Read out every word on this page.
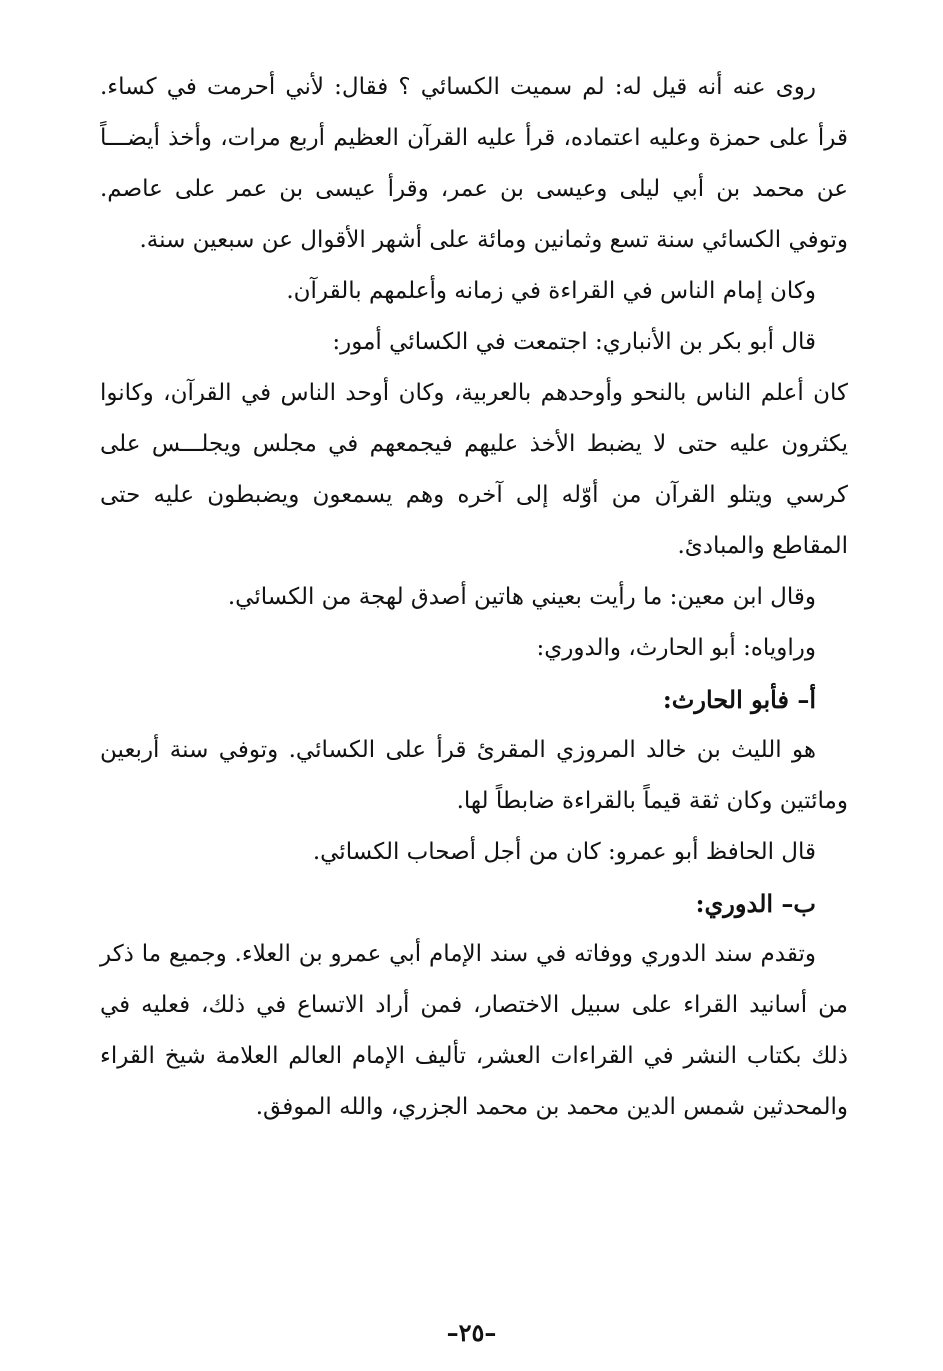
روى عنه أنه قيل له: لم سميت الكسائي ؟ فقال: لأني أحرمت في كساء. قرأ على حمزة وعليه اعتماده، قرأ عليه القرآن العظيم أربع مرات، وأخذ أيضـــاً عن محمد بن أبي ليلى وعيسى بن عمر، وقرأ عيسى بن عمر على عاصم. وتوفي الكسائي سنة تسع وثمانين ومائة على أشهر الأقوال عن سبعين سنة.

وكان إمام الناس في القراءة في زمانه وأعلمهم بالقرآن.

قال أبو بكر بن الأنباري: اجتمعت في الكسائي أمور:

كان أعلم الناس بالنحو وأوحدهم بالعربية، وكان أوحد الناس في القرآن، وكانوا يكثرون عليه حتى لا يضبط الأخذ عليهم فيجمعهم في مجلس ويجلـــس على كرسي ويتلو القرآن من أوّله إلى آخره وهم يسمعون ويضبطون عليه حتى المقاطع والمبادئ.

وقال ابن معين: ما رأيت بعيني هاتين أصدق لهجة من الكسائي.

وراوياه: أبو الحارث، والدوري:

أ– فأبو الحارث:

هو الليث بن خالد المروزي المقرئ قرأ على الكسائي. وتوفي سنة أربعين ومائتين وكان ثقة قيماً بالقراءة ضابطاً لها.

قال الحافظ أبو عمرو: كان من أجل أصحاب الكسائي.

ب– الدوري:

وتقدم سند الدوري ووفاته في سند الإمام أبي عمرو بن العلاء. وجميع ما ذكر من أسانيد القراء على سبيل الاختصار، فمن أراد الاتساع في ذلك، فعليه في ذلك بكتاب النشر في القراءات العشر، تأليف الإمام العالم العلامة شيخ القراء والمحدثين شمس الدين محمد بن محمد الجزري، والله الموفق.

–٢٥–
